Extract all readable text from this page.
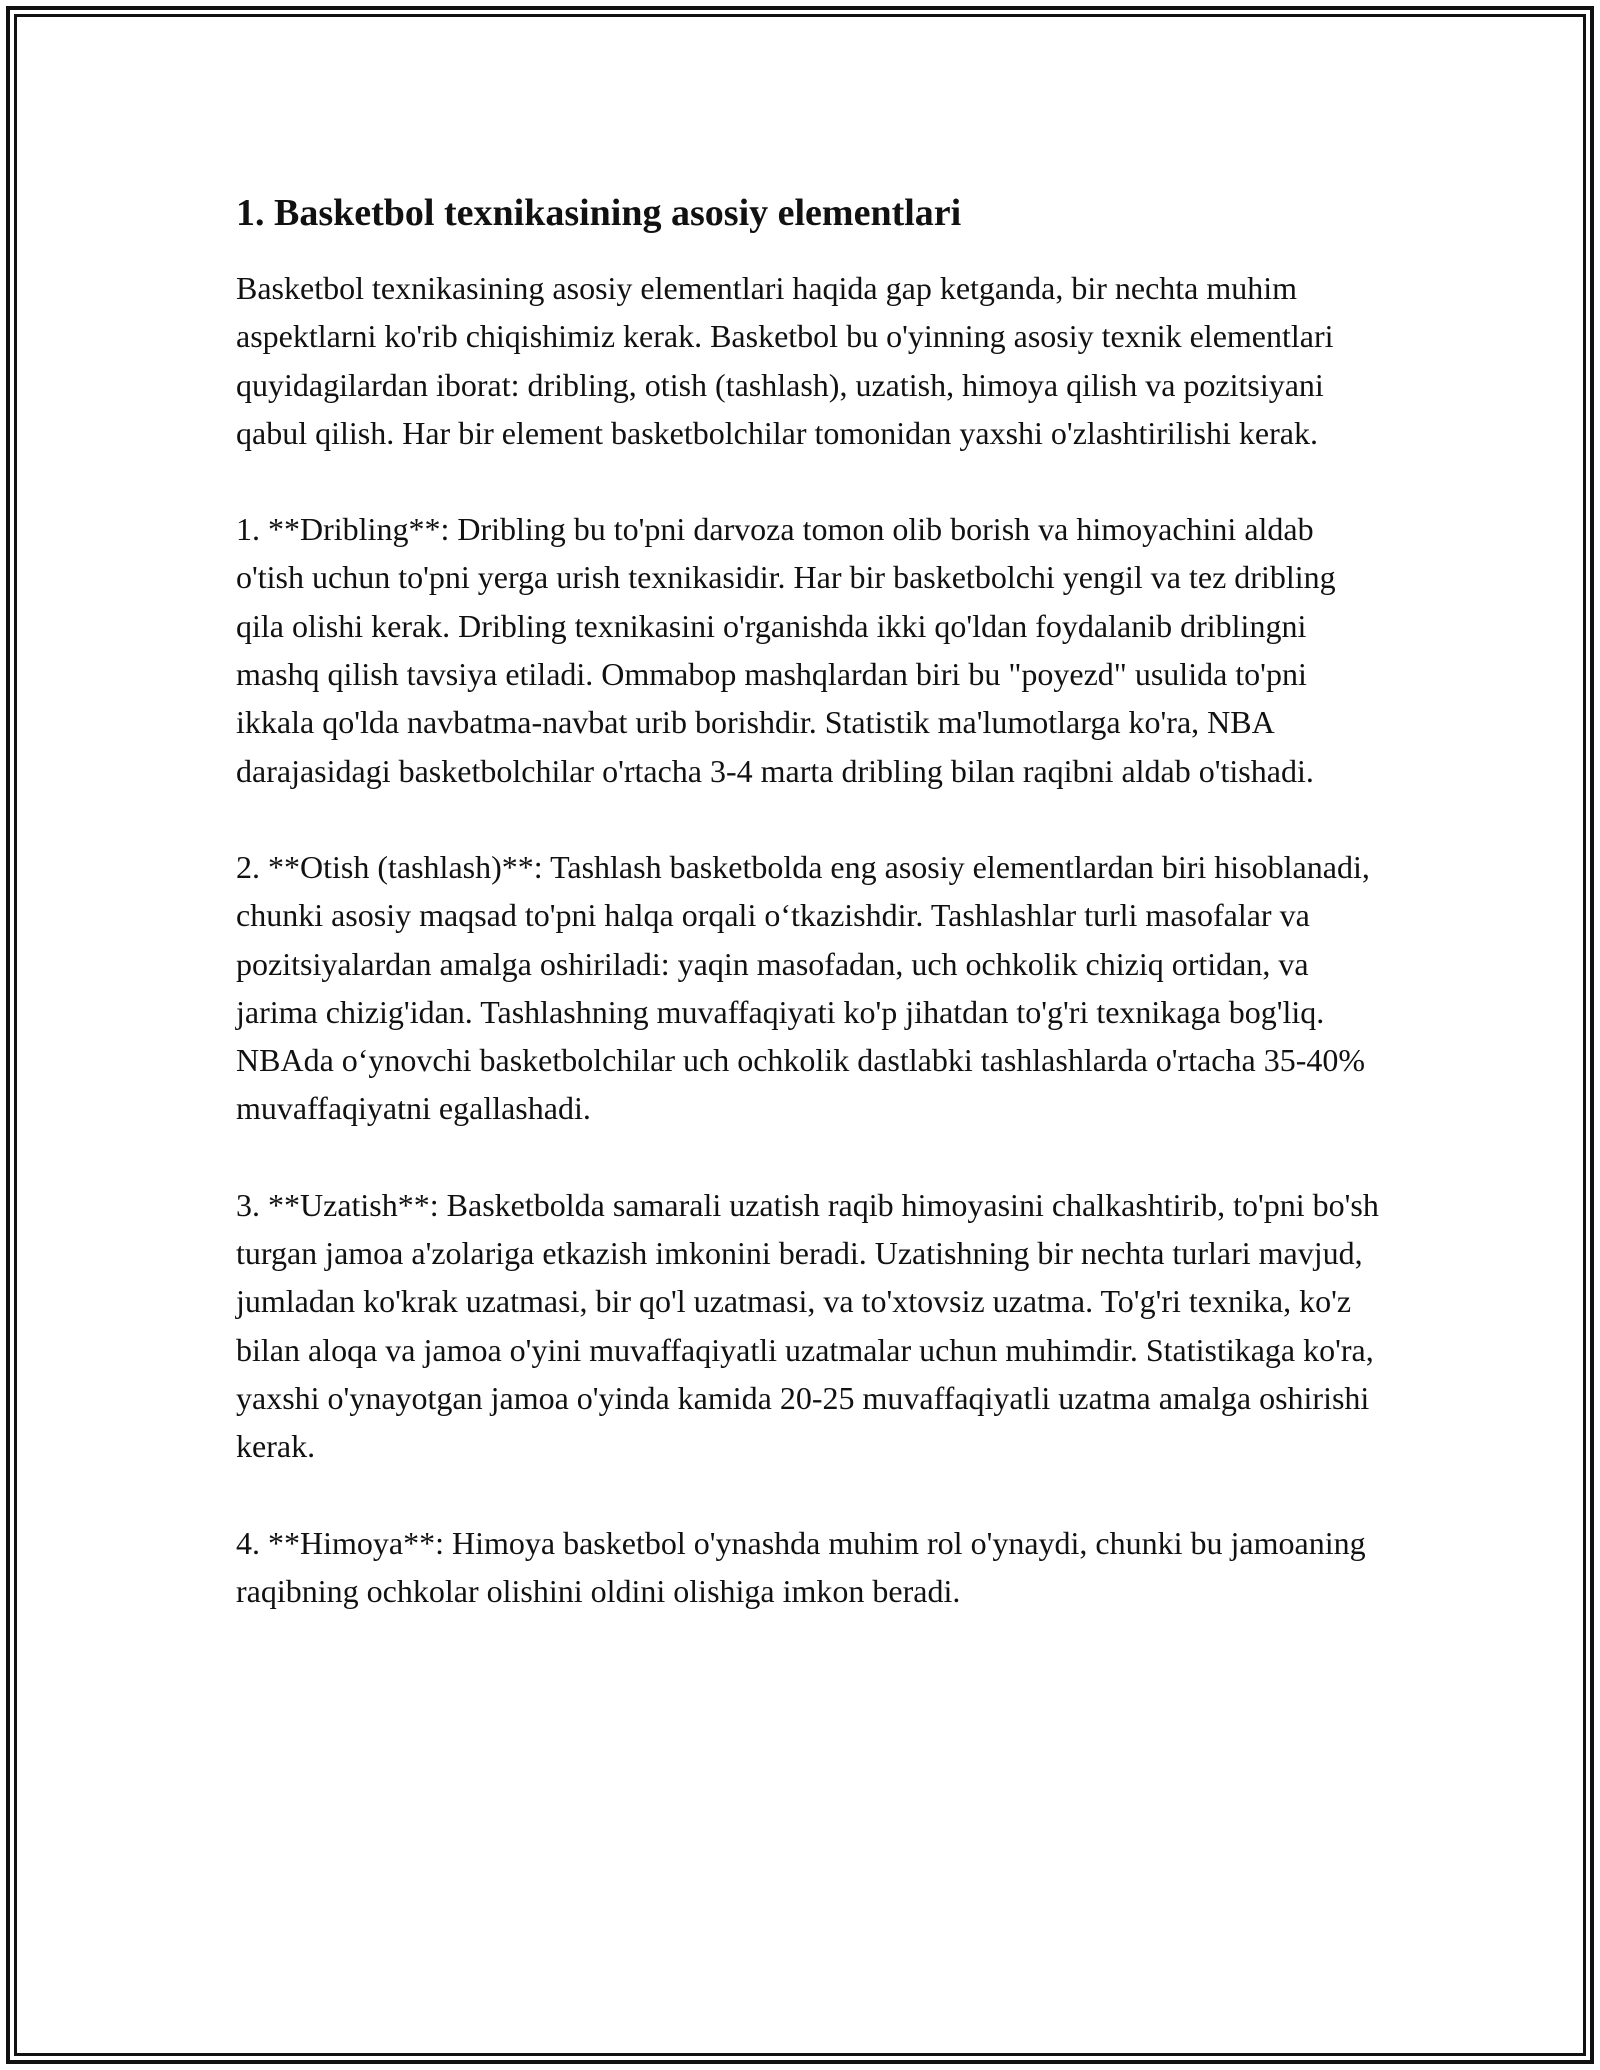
1. Basketbol texnikasining asosiy elementlari

Basketbol texnikasining asosiy elementlari haqida gap ketganda, bir nechta muhim aspektlarni ko'rib chiqishimiz kerak. Basketbol bu o'yinning asosiy texnik elementlari quyidagilardan iborat: dribling, otish (tashlash), uzatish, himoya qilish va pozitsiyani qabul qilish. Har bir element basketbolchilar tomonidan yaxshi o'zlashtirilishi kerak.

1. **Dribling**: Dribling bu to'pni darvoza tomon olib borish va himoyachini aldab o'tish uchun to'pni yerga urish texnikasidir. Har bir basketbolchi yengil va tez dribling qila olishi kerak. Dribling texnikasini o'rganishda ikki qo'ldan foydalanib driblingni mashq qilish tavsiya etiladi. Ommabop mashqlardan biri bu "poyezd" usulida to'pni ikkala qo'lda navbatma-navbat urib borishdir. Statistik ma'lumotlarga ko'ra, NBA darajasidagi basketbolchilar o'rtacha 3-4 marta dribling bilan raqibni aldab o'tishadi.

2. **Otish (tashlash)**: Tashlash basketbolda eng asosiy elementlardan biri hisoblanadi, chunki asosiy maqsad to'pni halqa orqali o‘tkazishdir. Tashlashlar turli masofalar va pozitsiyalardan amalga oshiriladi: yaqin masofadan, uch ochkolik chiziq ortidan, va jarima chizig'idan. Tashlashning muvaffaqiyati ko'p jihatdan to'g'ri texnikaga bog'liq. NBAda o‘ynovchi basketbolchilar uch ochkolik dastlabki tashlashlarda o'rtacha 35-40% muvaffaqiyatni egallashadi.

3. **Uzatish**: Basketbolda samarali uzatish raqib himoyasini chalkashtirib, to'pni bo'sh turgan jamoa a'zolariga etkazish imkonini beradi. Uzatishning bir nechta turlari mavjud, jumladan ko'krak uzatmasi, bir qo'l uzatmasi, va to'xtovsiz uzatma. To'g'ri texnika, ko'z bilan aloqa va jamoa o'yini muvaffaqiyatli uzatmalar uchun muhimdir. Statistikaga ko'ra, yaxshi o'ynayotgan jamoa o'yinda kamida 20-25 muvaffaqiyatli uzatma amalga oshirishi kerak.

4. **Himoya**: Himoya basketbol o'ynashda muhim rol o'ynaydi, chunki bu jamoaning raqibning ochkolar olishini oldini olishiga imkon beradi.
